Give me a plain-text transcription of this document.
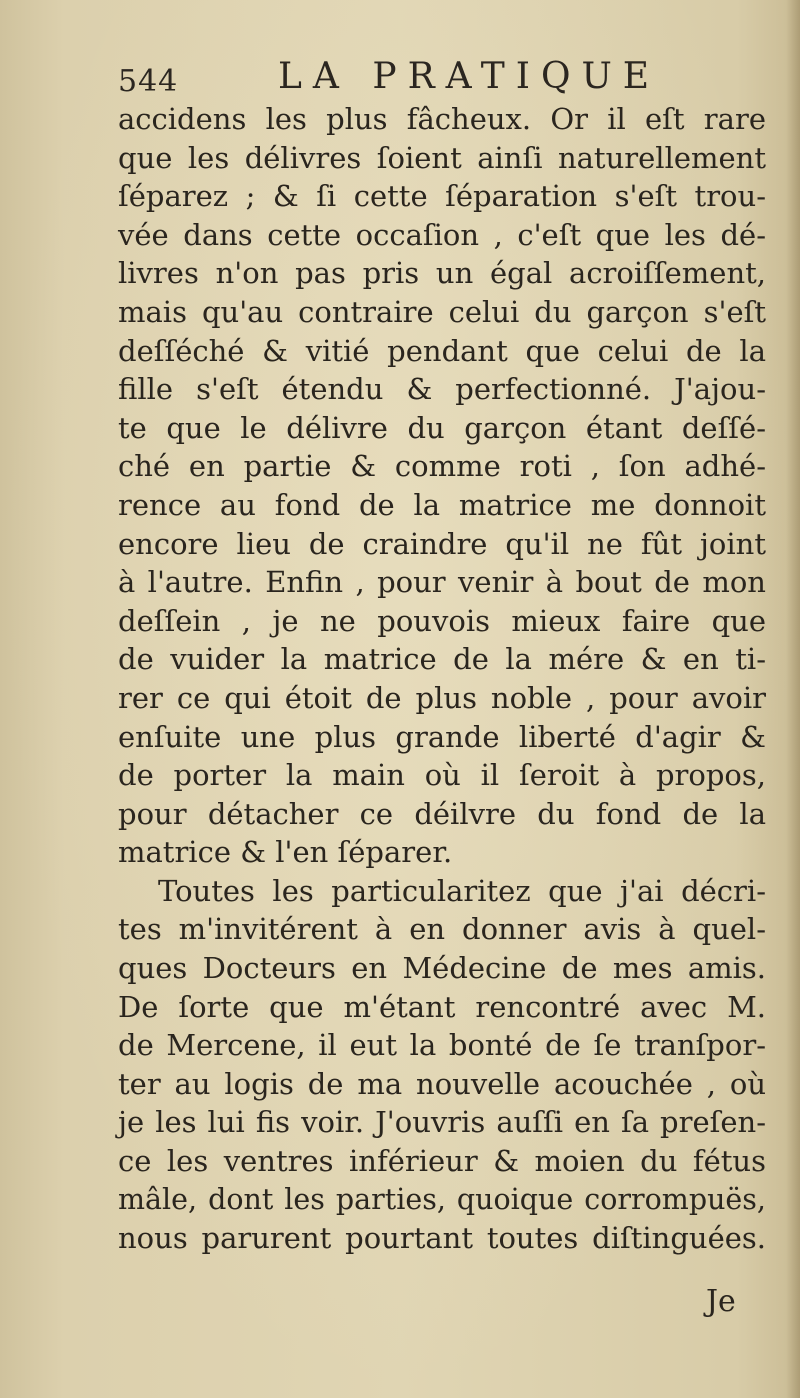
544	LA PRATIQUE
accidens les plus fâcheux. Or il eſt rare
que les délivres ſoient ainſi naturellement
ſéparez ; & ſi cette ſéparation s'eſt trou-
vée dans cette occaſion , c'eſt que les dé-
livres n'on pas pris un égal acroiſſement,
mais qu'au contraire celui du garçon s'eſt
deſſéché & vitié pendant que celui de la
fille s'eſt étendu & perfectionné. J'ajou-
te que le délivre du garçon étant deſſé-
ché en partie & comme roti , ſon adhé-
rence au fond de la matrice me donnoit
encore lieu de craindre qu'il ne fût joint
à l'autre. Enfin , pour venir à bout de mon
deſſein , je ne pouvois mieux faire que
de vuider la matrice de la mére & en ti-
rer ce qui étoit de plus noble , pour avoir
enſuite une plus grande liberté d'agir &
de porter la main où il ſeroit à propos,
pour détacher ce déilvre du fond de la
matrice & l'en ſéparer.
Toutes les particularitez que j'ai décri-
tes m'invitérent à en donner avis à quel-
ques Docteurs en Médecine de mes amis.
De ſorte que m'étant rencontré avec M.
de Mercene, il eut la bonté de ſe tranſpor-
ter au logis de ma nouvelle acouchée , où
je les lui fis voir. J'ouvris auſſi en ſa preſen-
ce les ventres inférieur & moien du fétus
mâle, dont les parties, quoique corrompuës,
nous parurent pourtant toutes diſtinguées.
Je
